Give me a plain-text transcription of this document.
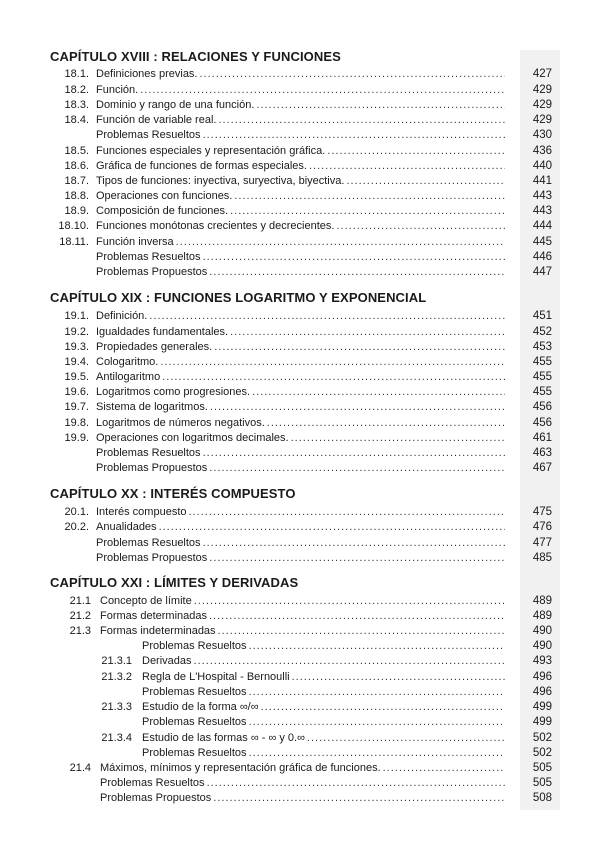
CAPÍTULO XVIII : RELACIONES Y FUNCIONES
18.1. Definiciones previas. .....	427
18.2. Función. .....	429
18.3. Dominio y rango de una función. .....	429
18.4. Función de variable real. .....	429
Problemas Resueltos .....	430
18.5. Funciones especiales y representación gráfica. .....	436
18.6. Gráfica de funciones de formas especiales. .....	440
18.7. Tipos de funciones: inyectiva, suryectiva, biyectiva. .....	441
18.8. Operaciones con funciones. .....	443
18.9. Composición de funciones. .....	443
18.10. Funciones monótonas crecientes y decrecientes. .....	444
18.11. Función inversa .....	445
Problemas Resueltos .....	446
Problemas Propuestos .....	447
CAPÍTULO XIX : FUNCIONES LOGARITMO Y EXPONENCIAL
19.1. Definición. .....	451
19.2. Igualdades fundamentales. .....	452
19.3. Propiedades generales. .....	453
19.4. Cologaritmo. .....	455
19.5. Antilogaritmo .....	455
19.6. Logaritmos como progresiones. .....	455
19.7. Sistema de logaritmos. .....	456
19.8. Logaritmos de números negativos. .....	456
19.9. Operaciones con logaritmos decimales. .....	461
Problemas Resueltos .....	463
Problemas Propuestos .....	467
CAPÍTULO XX : INTERÉS COMPUESTO
20.1. Interés compuesto .....	475
20.2. Anualidades .....	476
Problemas Resueltos .....	477
Problemas Propuestos .....	485
CAPÍTULO XXI : LÍMITES Y DERIVADAS
21.1 Concepto de límite .....	489
21.2 Formas determinadas .....	489
21.3 Formas indeterminadas .....	490
Problemas Resueltos .....	490
21.3.1 Derivadas .....	493
21.3.2 Regla de L'Hospital - Bernoulli .....	496
Problemas Resueltos .....	496
21.3.3 Estudio de la forma ∞/∞ .....	499
Problemas Resueltos .....	499
21.3.4 Estudio de las formas ∞ - ∞ y 0.∞ .....	502
Problemas Resueltos .....	502
21.4 Máximos, mínimos y representación gráfica de funciones. .....	505
Problemas Resueltos .....	505
Problemas Propuestos .....	508
